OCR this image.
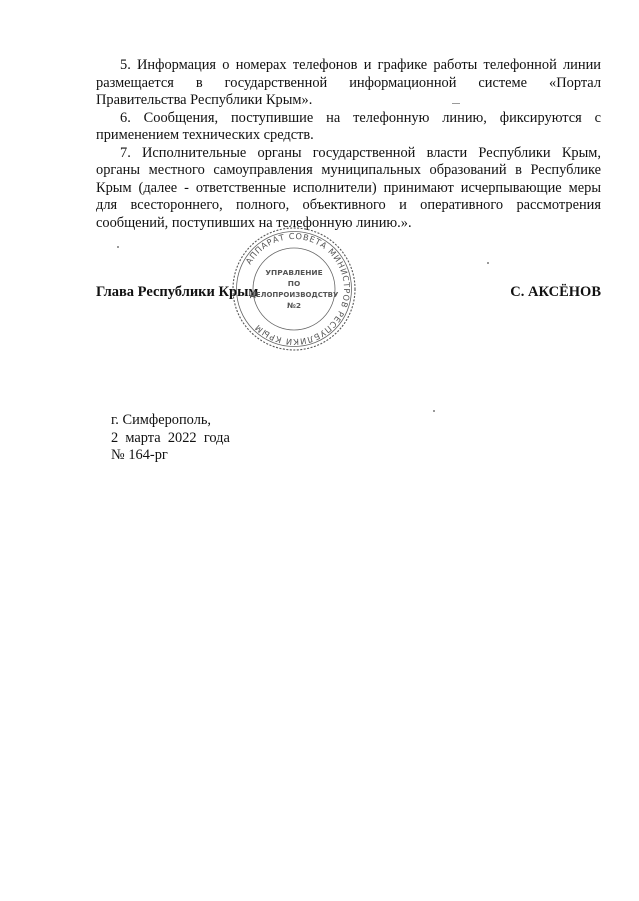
5. Информация о номерах телефонов и графике работы телефонной линии размещается в государственной информационной системе «Портал Правительства Республики Крым».

6. Сообщения, поступившие на телефонную линию, фиксируются с применением технических средств.

7. Исполнительные органы государственной власти Республики Крым, органы местного самоуправления муниципальных образований в Республике Крым (далее - ответственные исполнители) принимают исчерпывающие меры для всестороннего, полного, объективного и оперативного рассмотрения сообщений, поступивших на телефонную линию.».

Глава Республики Крым	С. АКСЁНОВ
АППАРАТ СОВЕТА МИНИСТРОВ РЕСПУБЛИКИ КРЫМ
УПРАВЛЕНИЕ
ПО
ДЕЛОПРОИЗВОДСТВУ
№2
г. Симферополь,
2  марта  2022  года
№ 164-рг
